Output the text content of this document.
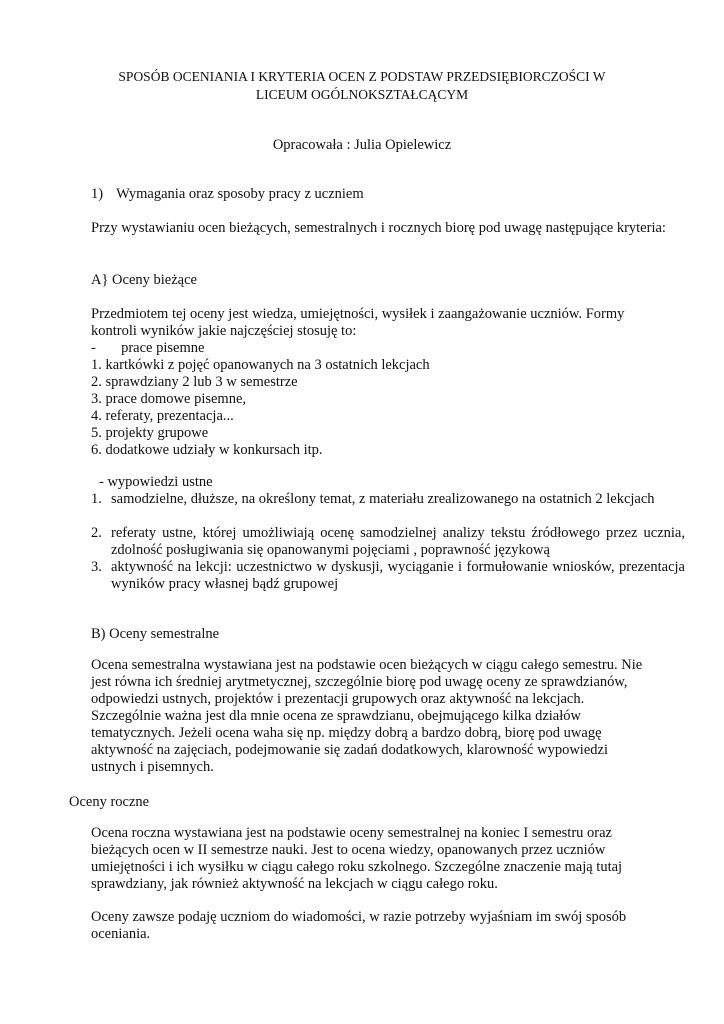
SPOSÓB OCENIANIA I KRYTERIA OCEN Z PODSTAW PRZEDSIĘBIORCZOŚCI W
LICEUM OGÓLNOKSZTAŁCĄCYM
Opracowała : Julia Opielewicz
1) Wymagania oraz sposoby pracy z uczniem
Przy wystawianiu ocen bieżących, semestralnych i rocznych biorę pod uwagę następujące kryteria:
A} Oceny bieżące
Przedmiotem tej oceny jest wiedza, umiejętności, wysiłek i zaangażowanie uczniów. Formy
kontroli wyników jakie najczęściej stosuję to:
- prace pisemne
1. kartkówki z pojęć opanowanych na 3 ostatnich lekcjach
2. sprawdziany 2 lub 3 w semestrze
3. prace domowe pisemne,
4. referaty, prezentacja...
5. projekty grupowe
6. dodatkowe udziały w konkursach itp.
- wypowiedzi ustne
1. samodzielne, dłuższe, na określony temat, z materiału zrealizowanego na ostatnich 2 lekcjach
2. referaty ustne, której umożliwiają ocenę samodzielnej analizy tekstu źródłowego przez ucznia, zdolność posługiwania się opanowanymi pojęciami , poprawność językową
3. aktywność na lekcji: uczestnictwo w dyskusji, wyciąganie i formułowanie wniosków, prezentacja wyników pracy własnej bądź grupowej
B) Oceny semestralne
Ocena semestralna wystawiana jest na podstawie ocen bieżących w ciągu całego semestru. Nie
jest równa ich średniej arytmetycznej, szczególnie biorę pod uwagę oceny ze sprawdzianów,
odpowiedzi ustnych, projektów i prezentacji grupowych oraz aktywność na lekcjach.
Szczególnie ważna jest dla mnie ocena ze sprawdzianu, obejmującego kilka działów
tematycznych. Jeżeli ocena waha się np. między dobrą a bardzo dobrą, biorę pod uwagę
aktywność na zajęciach, podejmowanie się zadań dodatkowych, klarowność wypowiedzi
ustnych i pisemnych.
Oceny roczne
Ocena roczna wystawiana jest na podstawie oceny semestralnej na koniec I semestru oraz
bieżących ocen w II semestrze nauki. Jest to ocena wiedzy, opanowanych przez uczniów
umiejętności i ich wysiłku w ciągu całego roku szkolnego. Szczególne znaczenie mają tutaj
sprawdziany, jak również aktywność na lekcjach w ciągu całego roku.
Oceny zawsze podaję uczniom do wiadomości, w razie potrzeby wyjaśniam im swój sposób
oceniania.
